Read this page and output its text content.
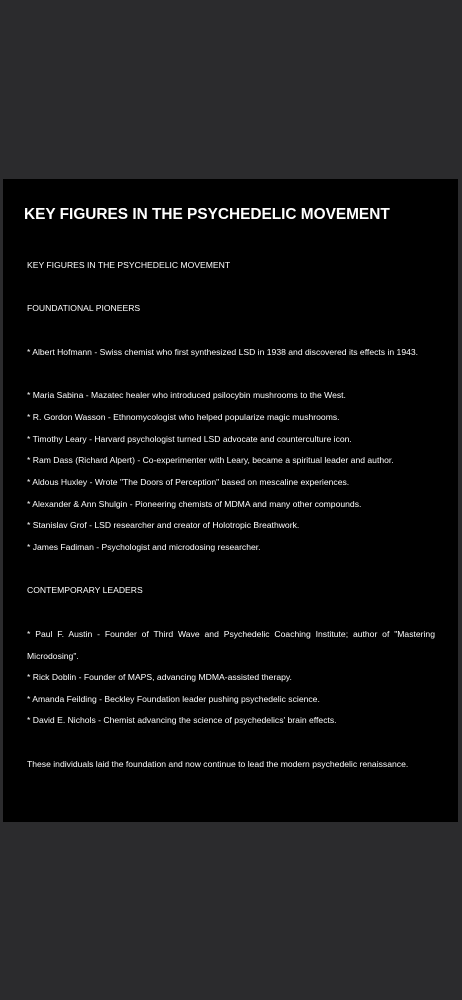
KEY FIGURES IN THE PSYCHEDELIC MOVEMENT

KEY FIGURES IN THE PSYCHEDELIC MOVEMENT

FOUNDATIONAL PIONEERS

* Albert Hofmann - Swiss chemist who first synthesized LSD in 1938 and discovered its effects in 1943.

* Maria Sabina - Mazatec healer who introduced psilocybin mushrooms to the West.

* R. Gordon Wasson - Ethnomycologist who helped popularize magic mushrooms.

* Timothy Leary - Harvard psychologist turned LSD advocate and counterculture icon.

* Ram Dass (Richard Alpert) - Co-experimenter with Leary, became a spiritual leader and author.

* Aldous Huxley - Wrote "The Doors of Perception" based on mescaline experiences.

* Alexander & Ann Shulgin - Pioneering chemists of MDMA and many other compounds.

* Stanislav Grof - LSD researcher and creator of Holotropic Breathwork.

* James Fadiman - Psychologist and microdosing researcher.

CONTEMPORARY LEADERS

* Paul F. Austin - Founder of Third Wave and Psychedelic Coaching Institute; author of "Mastering Microdosing".

* Rick Doblin - Founder of MAPS, advancing MDMA-assisted therapy.

* Amanda Feilding - Beckley Foundation leader pushing psychedelic science.

* David E. Nichols - Chemist advancing the science of psychedelics' brain effects.

These individuals laid the foundation and now continue to lead the modern psychedelic renaissance.
